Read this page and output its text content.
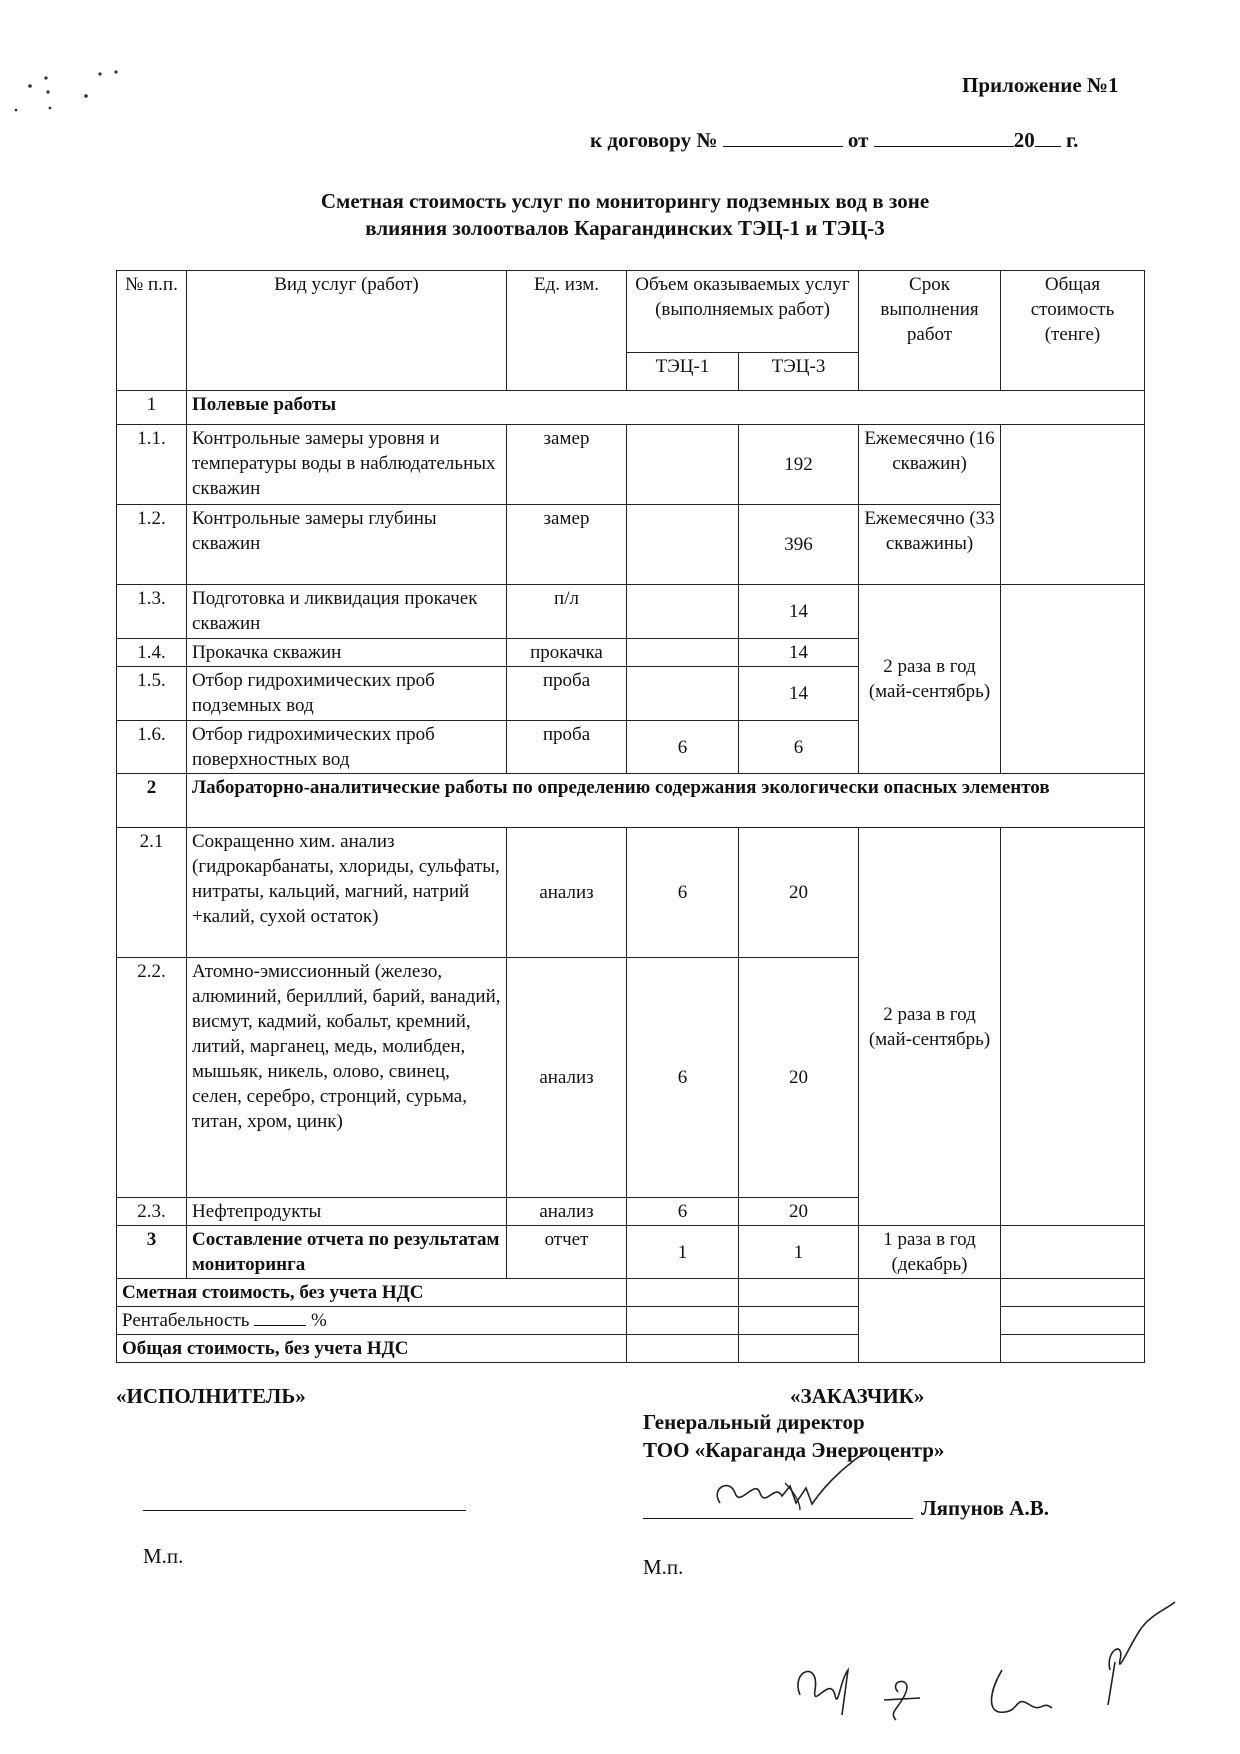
Приложение №1
к договору №	от	20 г.
Сметная стоимость услуг по мониторингу подземных вод в зоне
влияния золоотвалов Карагандинских ТЭЦ-1 и ТЭЦ-3
№ п.п.	Вид услуг (работ)	Ед. изм.	Объем оказываемых услуг (выполняемых работ)		Срок выполнения работ	Общая стоимость (тенге)
			ТЭЦ-1	ТЭЦ-3		
1	Полевые работы					
1.1.	Контрольные замеры уровня и температуры воды в наблюдательных скважин	замер		192	Ежемесячно (16 скважин)	
1.2.	Контрольные замеры глубины скважин	замер		396	Ежемесячно (33 скважины)	
1.3.	Подготовка и ликвидация прокачек скважин	п/л		14	2 раза в год (май-сентябрь)	
1.4.	Прокачка скважин	прокачка		14		
1.5.	Отбор гидрохимических проб подземных вод	проба		14		
1.6.	Отбор гидрохимических проб поверхностных вод	проба	6	6		
2	Лабораторно-аналитические работы по определению содержания экологически опасных элементов					
2.1	Сокращенно хим. анализ (гидрокарбанаты, хлориды, сульфаты, нитраты, кальций, магний, натрий +калий, сухой остаток)	анализ	6	20	2 раза в год (май-сентябрь)	
2.2.	Атомно-эмиссионный (железо, алюминий, бериллий, барий, ванадий, висмут, кадмий, кобальт, кремний, литий, марганец, медь, молибден, мышьяк, никель, олово, свинец, селен, серебро, стронций, сурьма, титан, хром, цинк)	анализ	6	20		
2.3.	Нефтепродукты	анализ	6	20		
3	Составление отчета по результатам мониторинга	отчет	1	1	1 раза в год (декабрь)	
Сметная стоимость, без учета НДС						
Рентабельность %						
Общая стоимость, без учета НДС						
«ИСПОЛНИТЕЛЬ»	«ЗАКАЗЧИК»
Генеральный директор
ТОО «Караганда Энергоцентр»
Ляпунов А.В.
М.п.	М.п.
